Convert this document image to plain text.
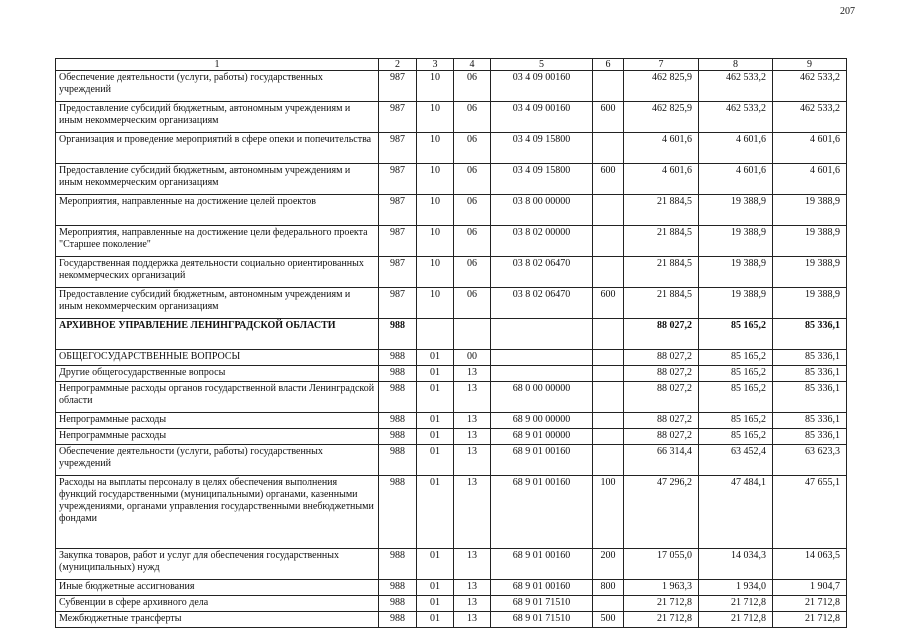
207
1	2	3	4	5	6	7	8	9
Обеспечение деятельности (услуги, работы) государственных учреждений	987	10	06	03 4 09 00160		462 825,9	462 533,2	462 533,2
Предоставление субсидий бюджетным, автономным учреждениям и иным некоммерческим организациям	987	10	06	03 4 09 00160	600	462 825,9	462 533,2	462 533,2
Организация и проведение мероприятий в сфере опеки и попечительства	987	10	06	03 4 09 15800		4 601,6	4 601,6	4 601,6
Предоставление субсидий бюджетным, автономным учреждениям и иным некоммерческим организациям	987	10	06	03 4 09 15800	600	4 601,6	4 601,6	4 601,6
Мероприятия, направленные на достижение целей проектов	987	10	06	03 8 00 00000		21 884,5	19 388,9	19 388,9
Мероприятия, направленные на достижение цели федерального проекта "Старшее поколение"	987	10	06	03 8 02 00000		21 884,5	19 388,9	19 388,9
Государственная поддержка деятельности социально ориентированных некоммерческих организаций	987	10	06	03 8 02 06470		21 884,5	19 388,9	19 388,9
Предоставление субсидий бюджетным, автономным учреждениям и иным некоммерческим организациям	987	10	06	03 8 02 06470	600	21 884,5	19 388,9	19 388,9
АРХИВНОЕ УПРАВЛЕНИЕ ЛЕНИНГРАДСКОЙ ОБЛАСТИ	988					88 027,2	85 165,2	85 336,1
ОБЩЕГОСУДАРСТВЕННЫЕ ВОПРОСЫ	988	01	00			88 027,2	85 165,2	85 336,1
Другие общегосударственные вопросы	988	01	13			88 027,2	85 165,2	85 336,1
Непрограммные расходы органов государственной власти Ленинградской области	988	01	13	68 0 00 00000		88 027,2	85 165,2	85 336,1
Непрограммные расходы	988	01	13	68 9 00 00000		88 027,2	85 165,2	85 336,1
Непрограммные расходы	988	01	13	68 9 01 00000		88 027,2	85 165,2	85 336,1
Обеспечение деятельности (услуги, работы) государственных учреждений	988	01	13	68 9 01 00160		66 314,4	63 452,4	63 623,3
Расходы на выплаты персоналу в целях обеспечения выполнения функций государственными (муниципальными) органами, казенными учреждениями, органами управления государственными внебюджетными фондами	988	01	13	68 9 01 00160	100	47 296,2	47 484,1	47 655,1
Закупка товаров, работ и услуг для обеспечения государственных (муниципальных) нужд	988	01	13	68 9 01 00160	200	17 055,0	14 034,3	14 063,5
Иные бюджетные ассигнования	988	01	13	68 9 01 00160	800	1 963,3	1 934,0	1 904,7
Субвенции в сфере архивного дела	988	01	13	68 9 01 71510		21 712,8	21 712,8	21 712,8
Межбюджетные трансферты	988	01	13	68 9 01 71510	500	21 712,8	21 712,8	21 712,8
